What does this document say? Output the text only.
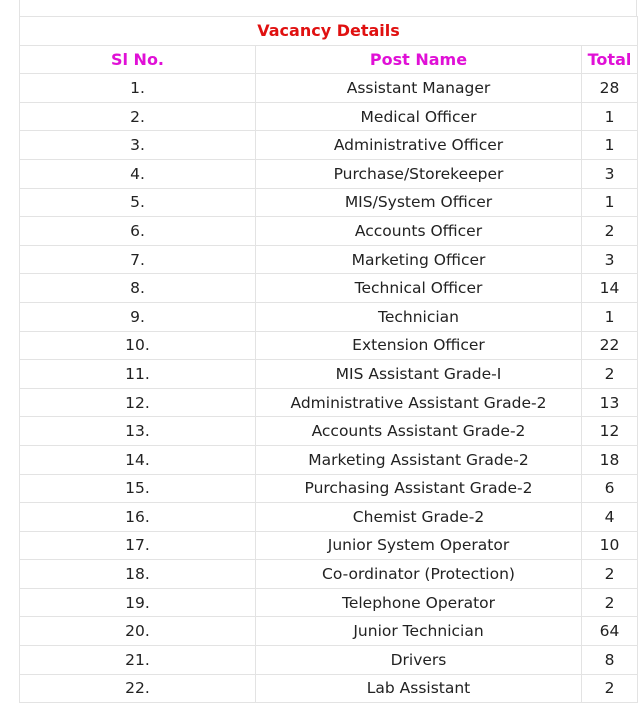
Vacancy Details		
Sl No.	Post Name	Total
1.	Assistant Manager	28
2.	Medical Officer	1
3.	Administrative Officer	1
4.	Purchase/Storekeeper	3
5.	MIS/System Officer	1
6.	Accounts Officer	2
7.	Marketing Officer	3
8.	Technical Officer	14
9.	Technician	1
10.	Extension Officer	22
11.	MIS Assistant Grade-I	2
12.	Administrative Assistant Grade-2	13
13.	Accounts Assistant Grade-2	12
14.	Marketing Assistant Grade-2	18
15.	Purchasing Assistant Grade-2	6
16.	Chemist Grade-2	4
17.	Junior System Operator	10
18.	Co-ordinator (Protection)	2
19.	Telephone Operator	2
20.	Junior Technician	64
21.	Drivers	8
22.	Lab Assistant	2
